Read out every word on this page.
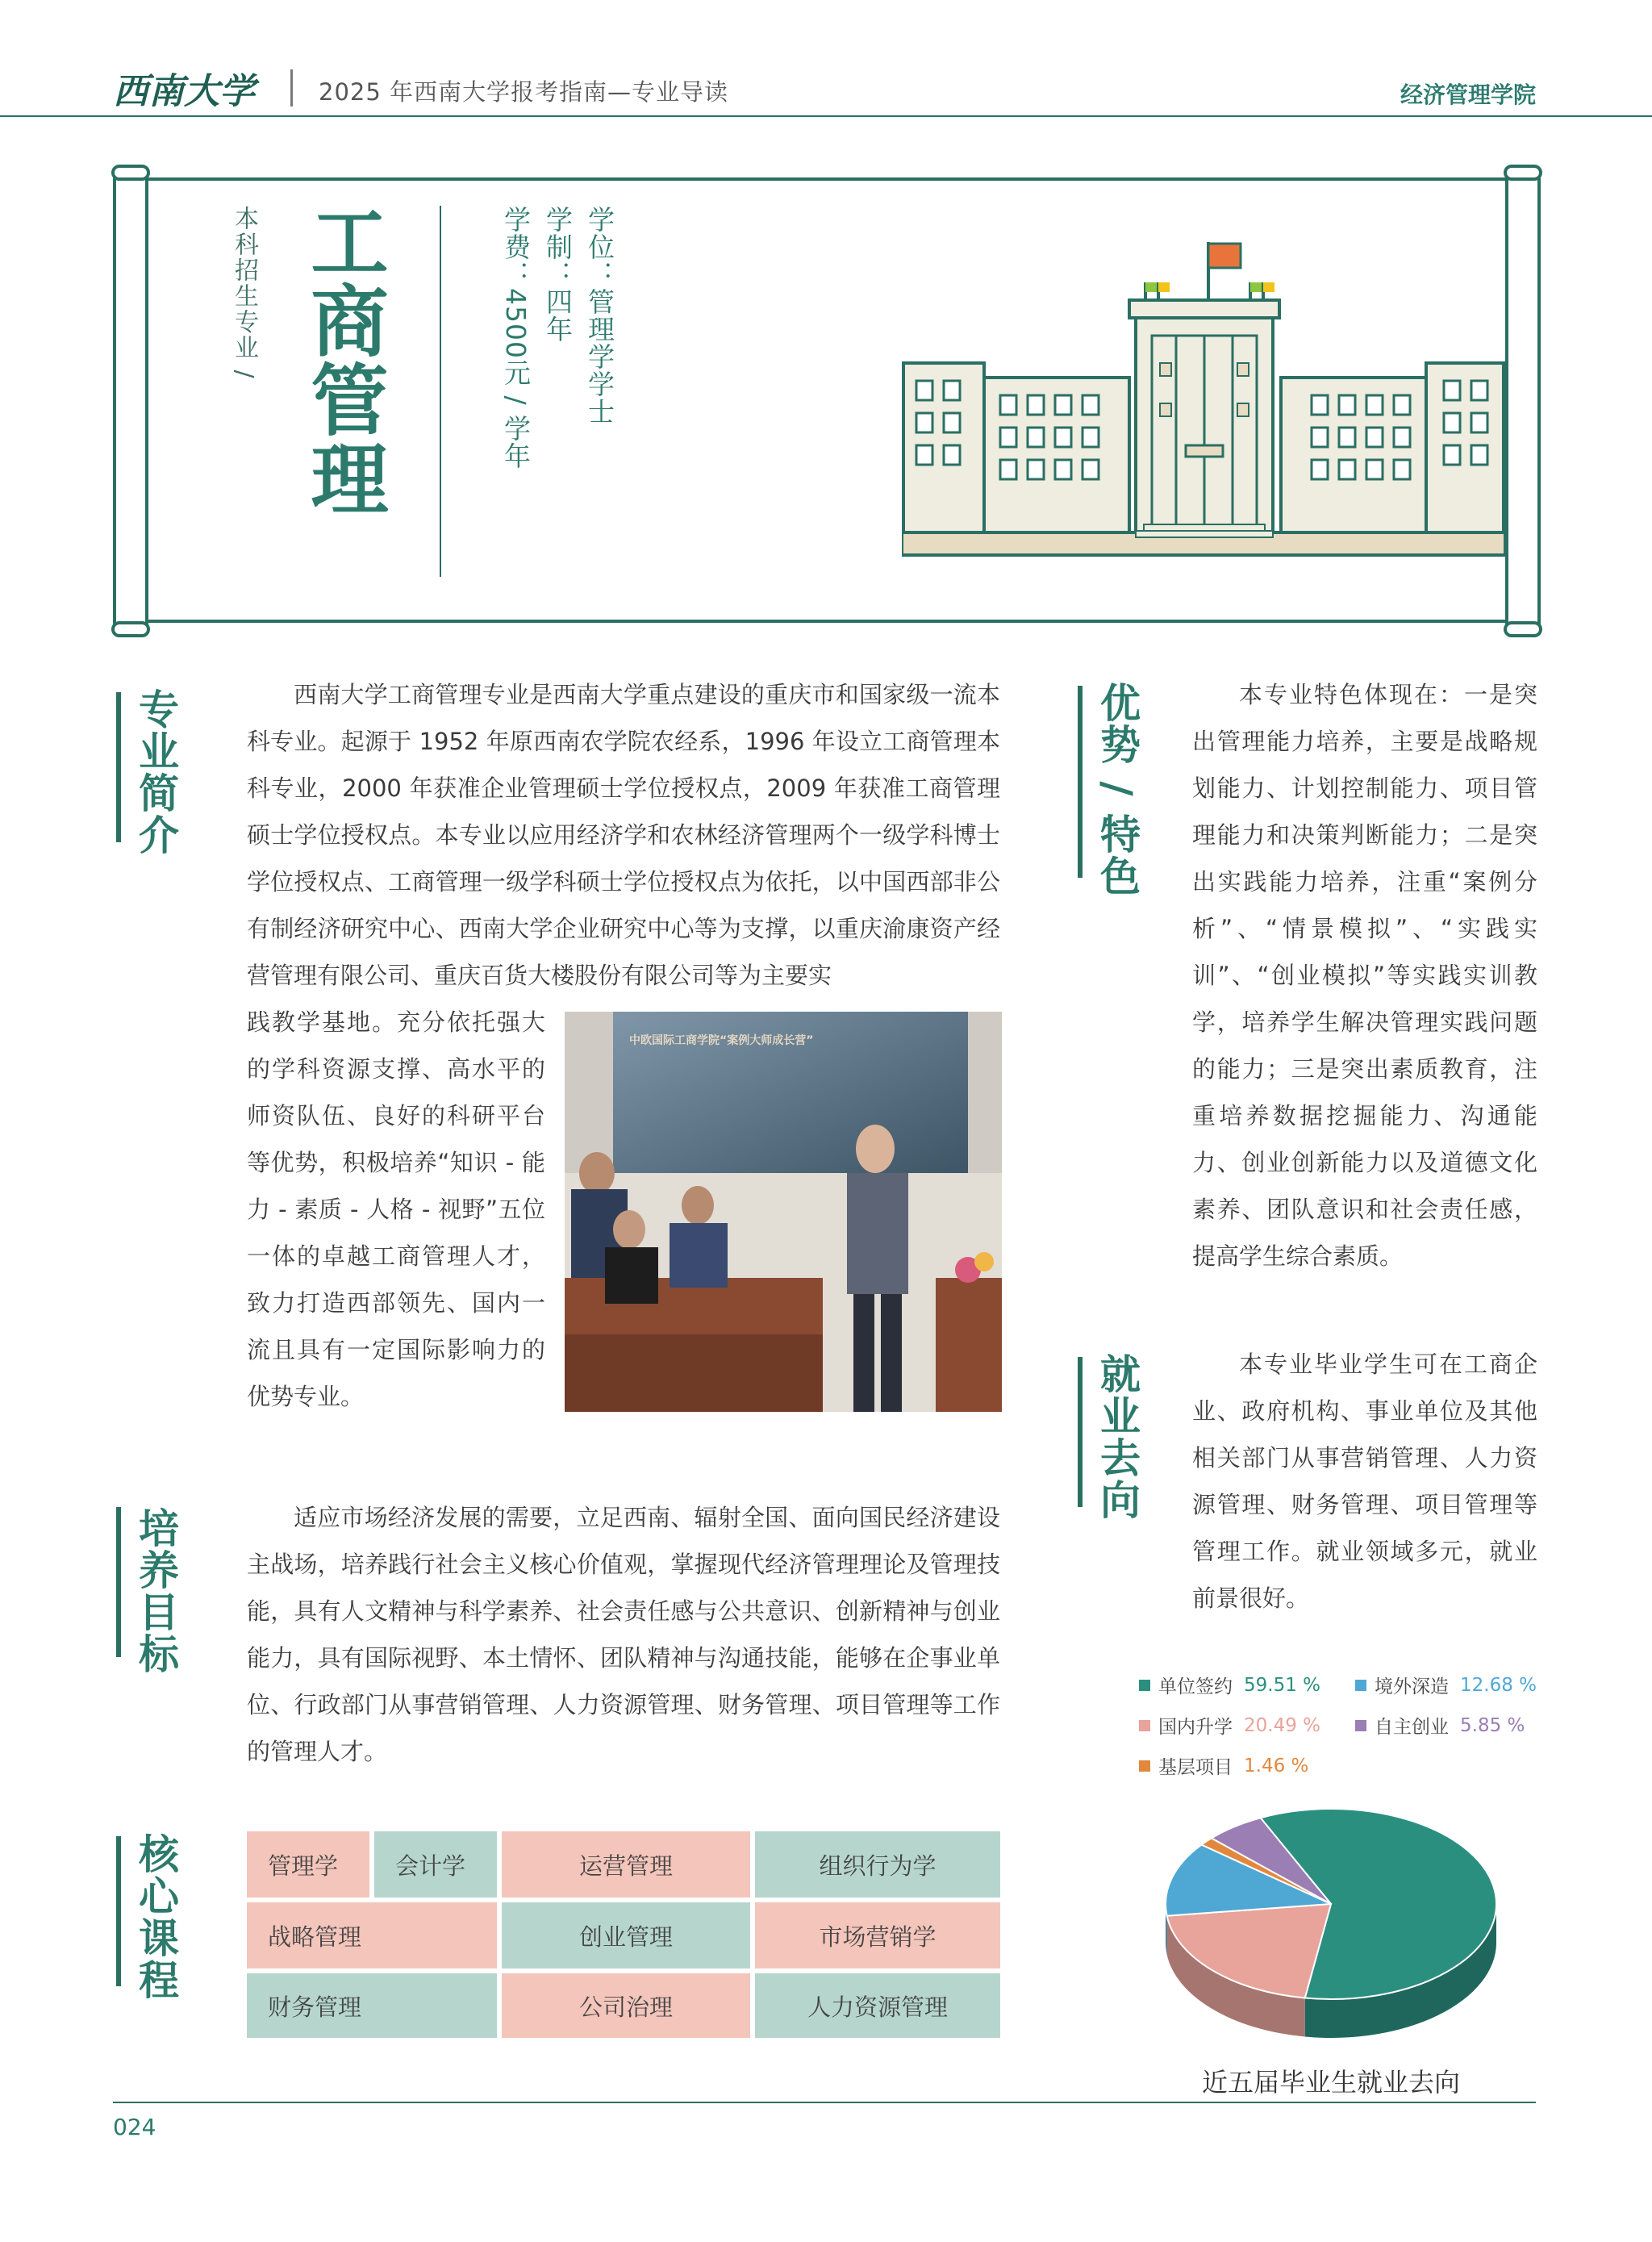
西南大学	2025 年西南大学报考指南—专业导读	经济管理学院
本科招生专业 / 工商管理	学位：管理学学士
学制：四年
学费：4500元 / 学年
专业简介	西南大学工商管理专业是西南大学重点建设的重庆市和国家级一流本科专业。起源于 1952 年原西南农学院农经系，1996 年设立工商管理本科专业，2000 年获准企业管理硕士学位授权点，2009 年获准工商管理硕士学位授权点。本专业以应用经济学和农林经济管理两个一级学科博士学位授权点、工商管理一级学科硕士学位授权点为依托，以中国西部非公有制经济研究中心、西南大学企业研究中心等为支撑，以重庆渝康资产经营管理有限公司、重庆百货大楼股份有限公司等为主要实
践教学基地。充分依托强大的学科资源支撑、高水平的师资队伍、良好的科研平台等优势，积极培养“知识 - 能力 - 素质 - 人格 - 视野”五位一体的卓越工商管理人才，致力打造西部领先、国内一流且具有一定国际影响力的优势专业。
中欧国际工商学院“案例大师成长营”
培养目标	适应市场经济发展的需要，立足西南、辐射全国、面向国民经济建设主战场，培养践行社会主义核心价值观，掌握现代经济管理理论及管理技能，具有人文精神与科学素养、社会责任感与公共意识、创新精神与创业能力，具有国际视野、本土情怀、团队精神与沟通技能，能够在企事业单位、行政部门从事营销管理、人力资源管理、财务管理、项目管理等工作的管理人才。
核心课程	管理学	会计学	运营管理	组织行为学
战略管理	创业管理	市场营销学
财务管理	公司治理	人力资源管理
优势 / 特色	本专业特色体现在：一是突出管理能力培养，主要是战略规划能力、计划控制能力、项目管理能力和决策判断能力；二是突出实践能力培养，注重“案例分析”、“情景模拟”、“实践实训”、“创业模拟”等实践实训教学，培养学生解决管理实践问题的能力；三是突出素质教育，注重培养数据挖掘能力、沟通能力、创业创新能力以及道德文化素养、团队意识和社会责任感，提高学生综合素质。
就业去向	本专业毕业学生可在工商企业、政府机构、事业单位及其他相关部门从事营销管理、人力资源管理、财务管理、项目管理等管理工作。就业领域多元，就业前景很好。
单位签约 59.51 %	境外深造 12.68 %
国内升学 20.49 %	自主创业 5.85 %
基层项目 1.46 %
近五届毕业生就业去向
024
